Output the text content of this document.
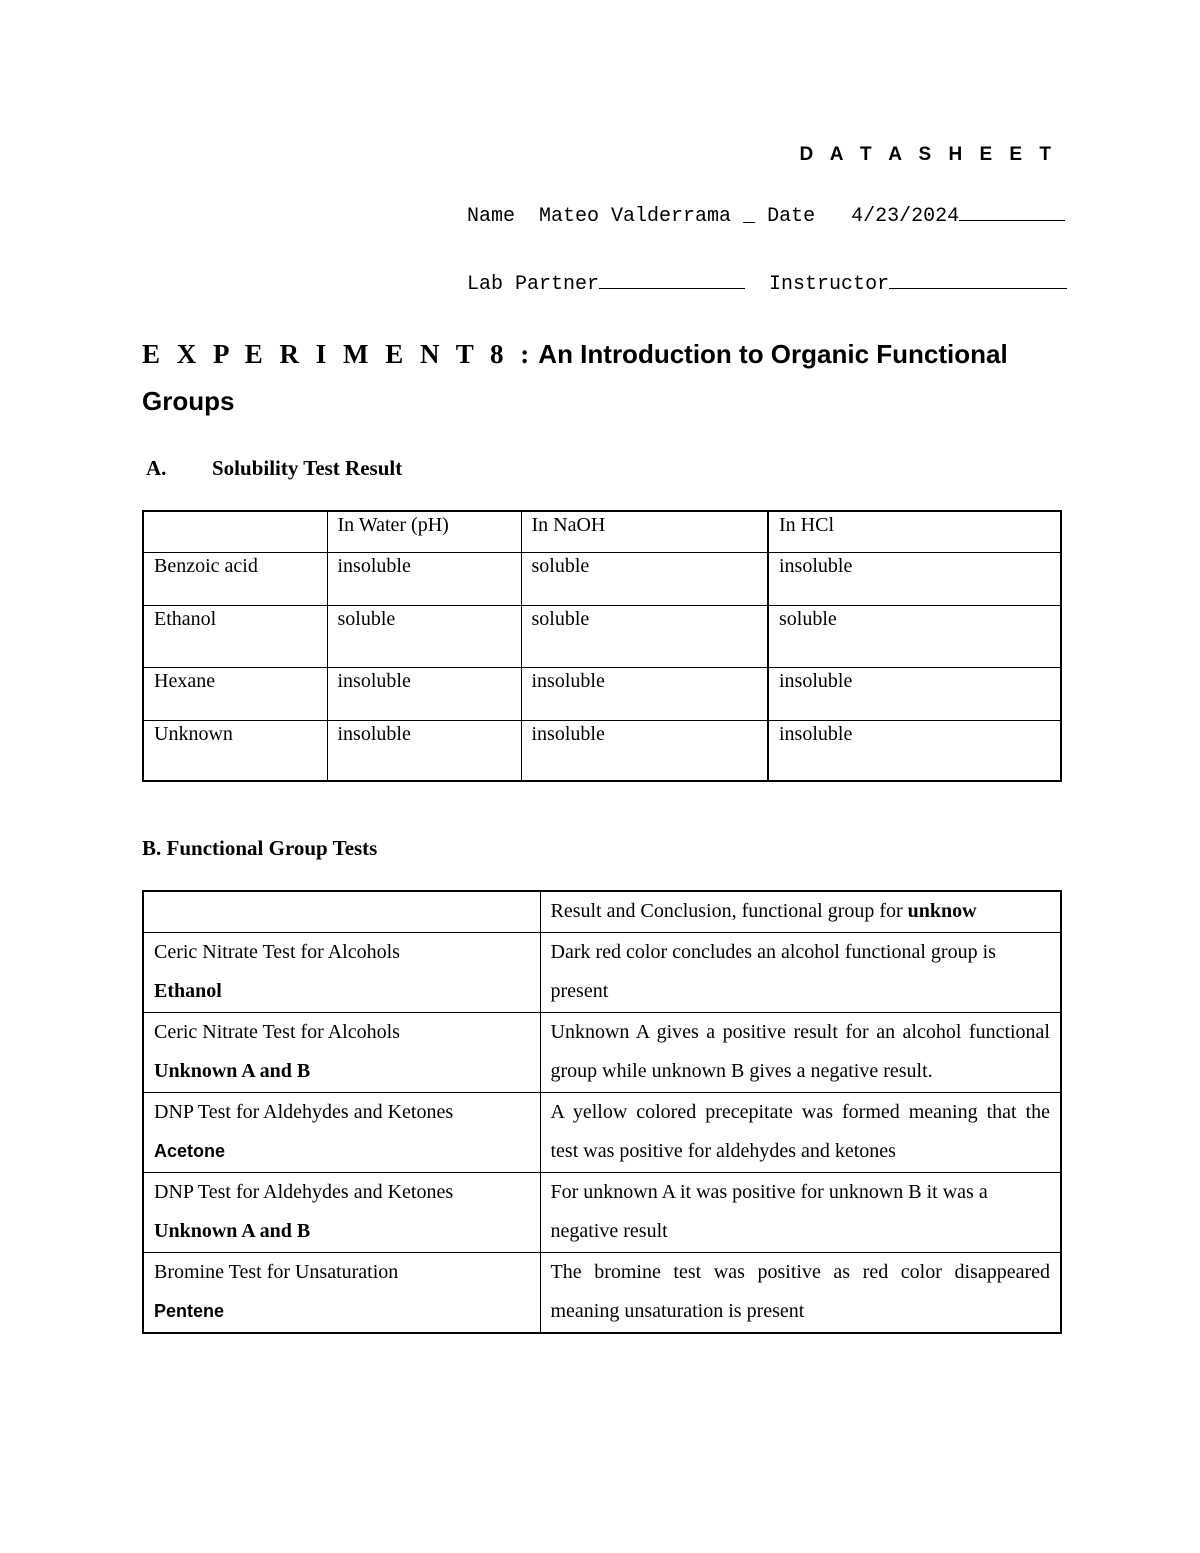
D A T A S H E E T
Name Mateo Valderrama _ Date 4/23/2024
Lab Partner	Instructor
E X P E R I M E N T 8 : An Introduction to Organic Functional Groups
A. Solubility Test Result
	In Water (pH)	In NaOH	In HCl
Benzoic acid	insoluble	soluble	insoluble
Ethanol	soluble	soluble	soluble
Hexane	insoluble	insoluble	insoluble
Unknown	insoluble	insoluble	insoluble
B. Functional Group Tests
	Result and Conclusion, functional group for unknow

Ceric Nitrate Test for Alcohols
Ethanol	Dark red color concludes an alcohol functional group is present

Ceric Nitrate Test for Alcohols
Unknown A and B	Unknown A gives a positive result for an alcohol functional group while unknown B gives a negative result.

DNP Test for Aldehydes and Ketones
Acetone	A yellow colored precepitate was formed meaning that the test was positive for aldehydes and ketones

DNP Test for Aldehydes and Ketones
Unknown A and B	For unknown A it was positive for unknown B it was a negative result

Bromine Test for Unsaturation
Pentene	The bromine test was positive as red color disappeared meaning unsaturation is present
